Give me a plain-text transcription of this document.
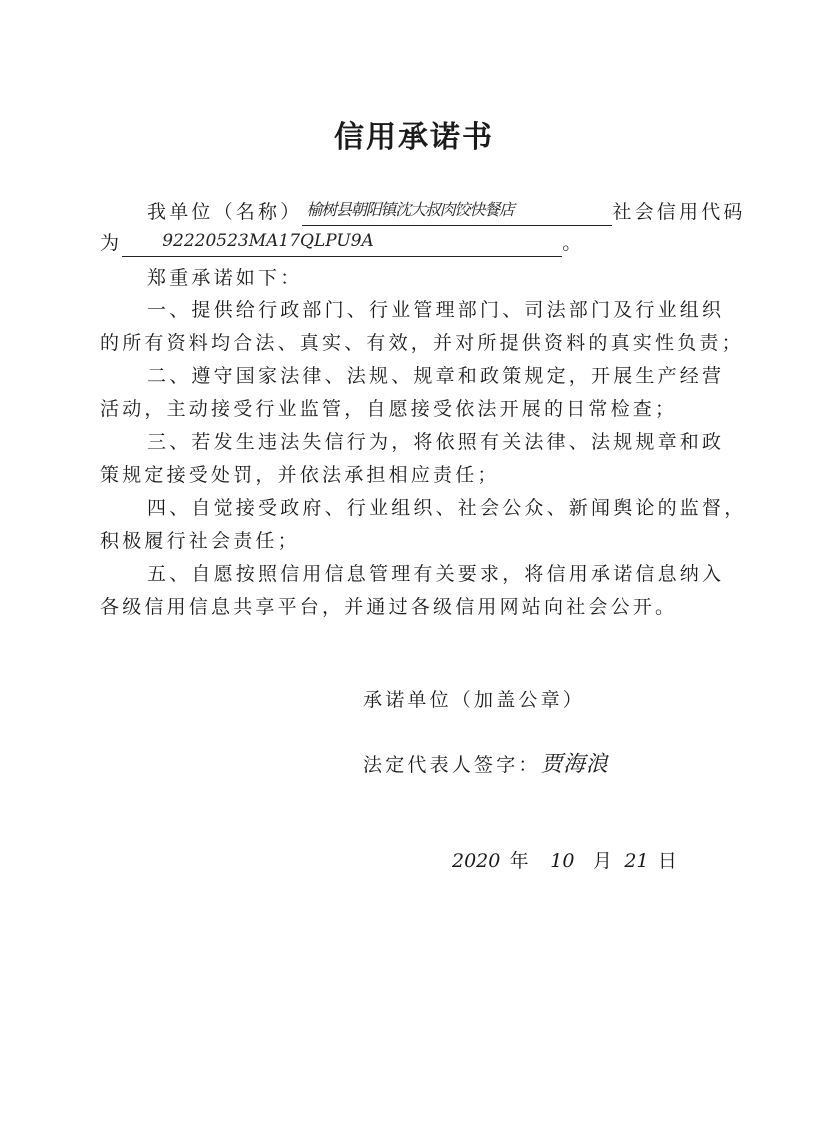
信用承诺书
我单位（名称） 榆树县朝阳镇沈大叔肉饺快餐店	社会信用代码
为 92220523MA17QLPU9A	。
郑重承诺如下：
一、提供给行政部门、行业管理部门、司法部门及行业组织
的所有资料均合法、真实、有效，并对所提供资料的真实性负责；
二、遵守国家法律、法规、规章和政策规定，开展生产经营
活动，主动接受行业监管，自愿接受依法开展的日常检查；
三、若发生违法失信行为，将依照有关法律、法规规章和政
策规定接受处罚，并依法承担相应责任；
四、自觉接受政府、行业组织、社会公众、新闻舆论的监督，
积极履行社会责任；
五、自愿按照信用信息管理有关要求，将信用承诺信息纳入
各级信用信息共享平台，并通过各级信用网站向社会公开。
承诺单位（加盖公章）
法定代表人签字：贾海浪
2020 年 10 月 21 日
